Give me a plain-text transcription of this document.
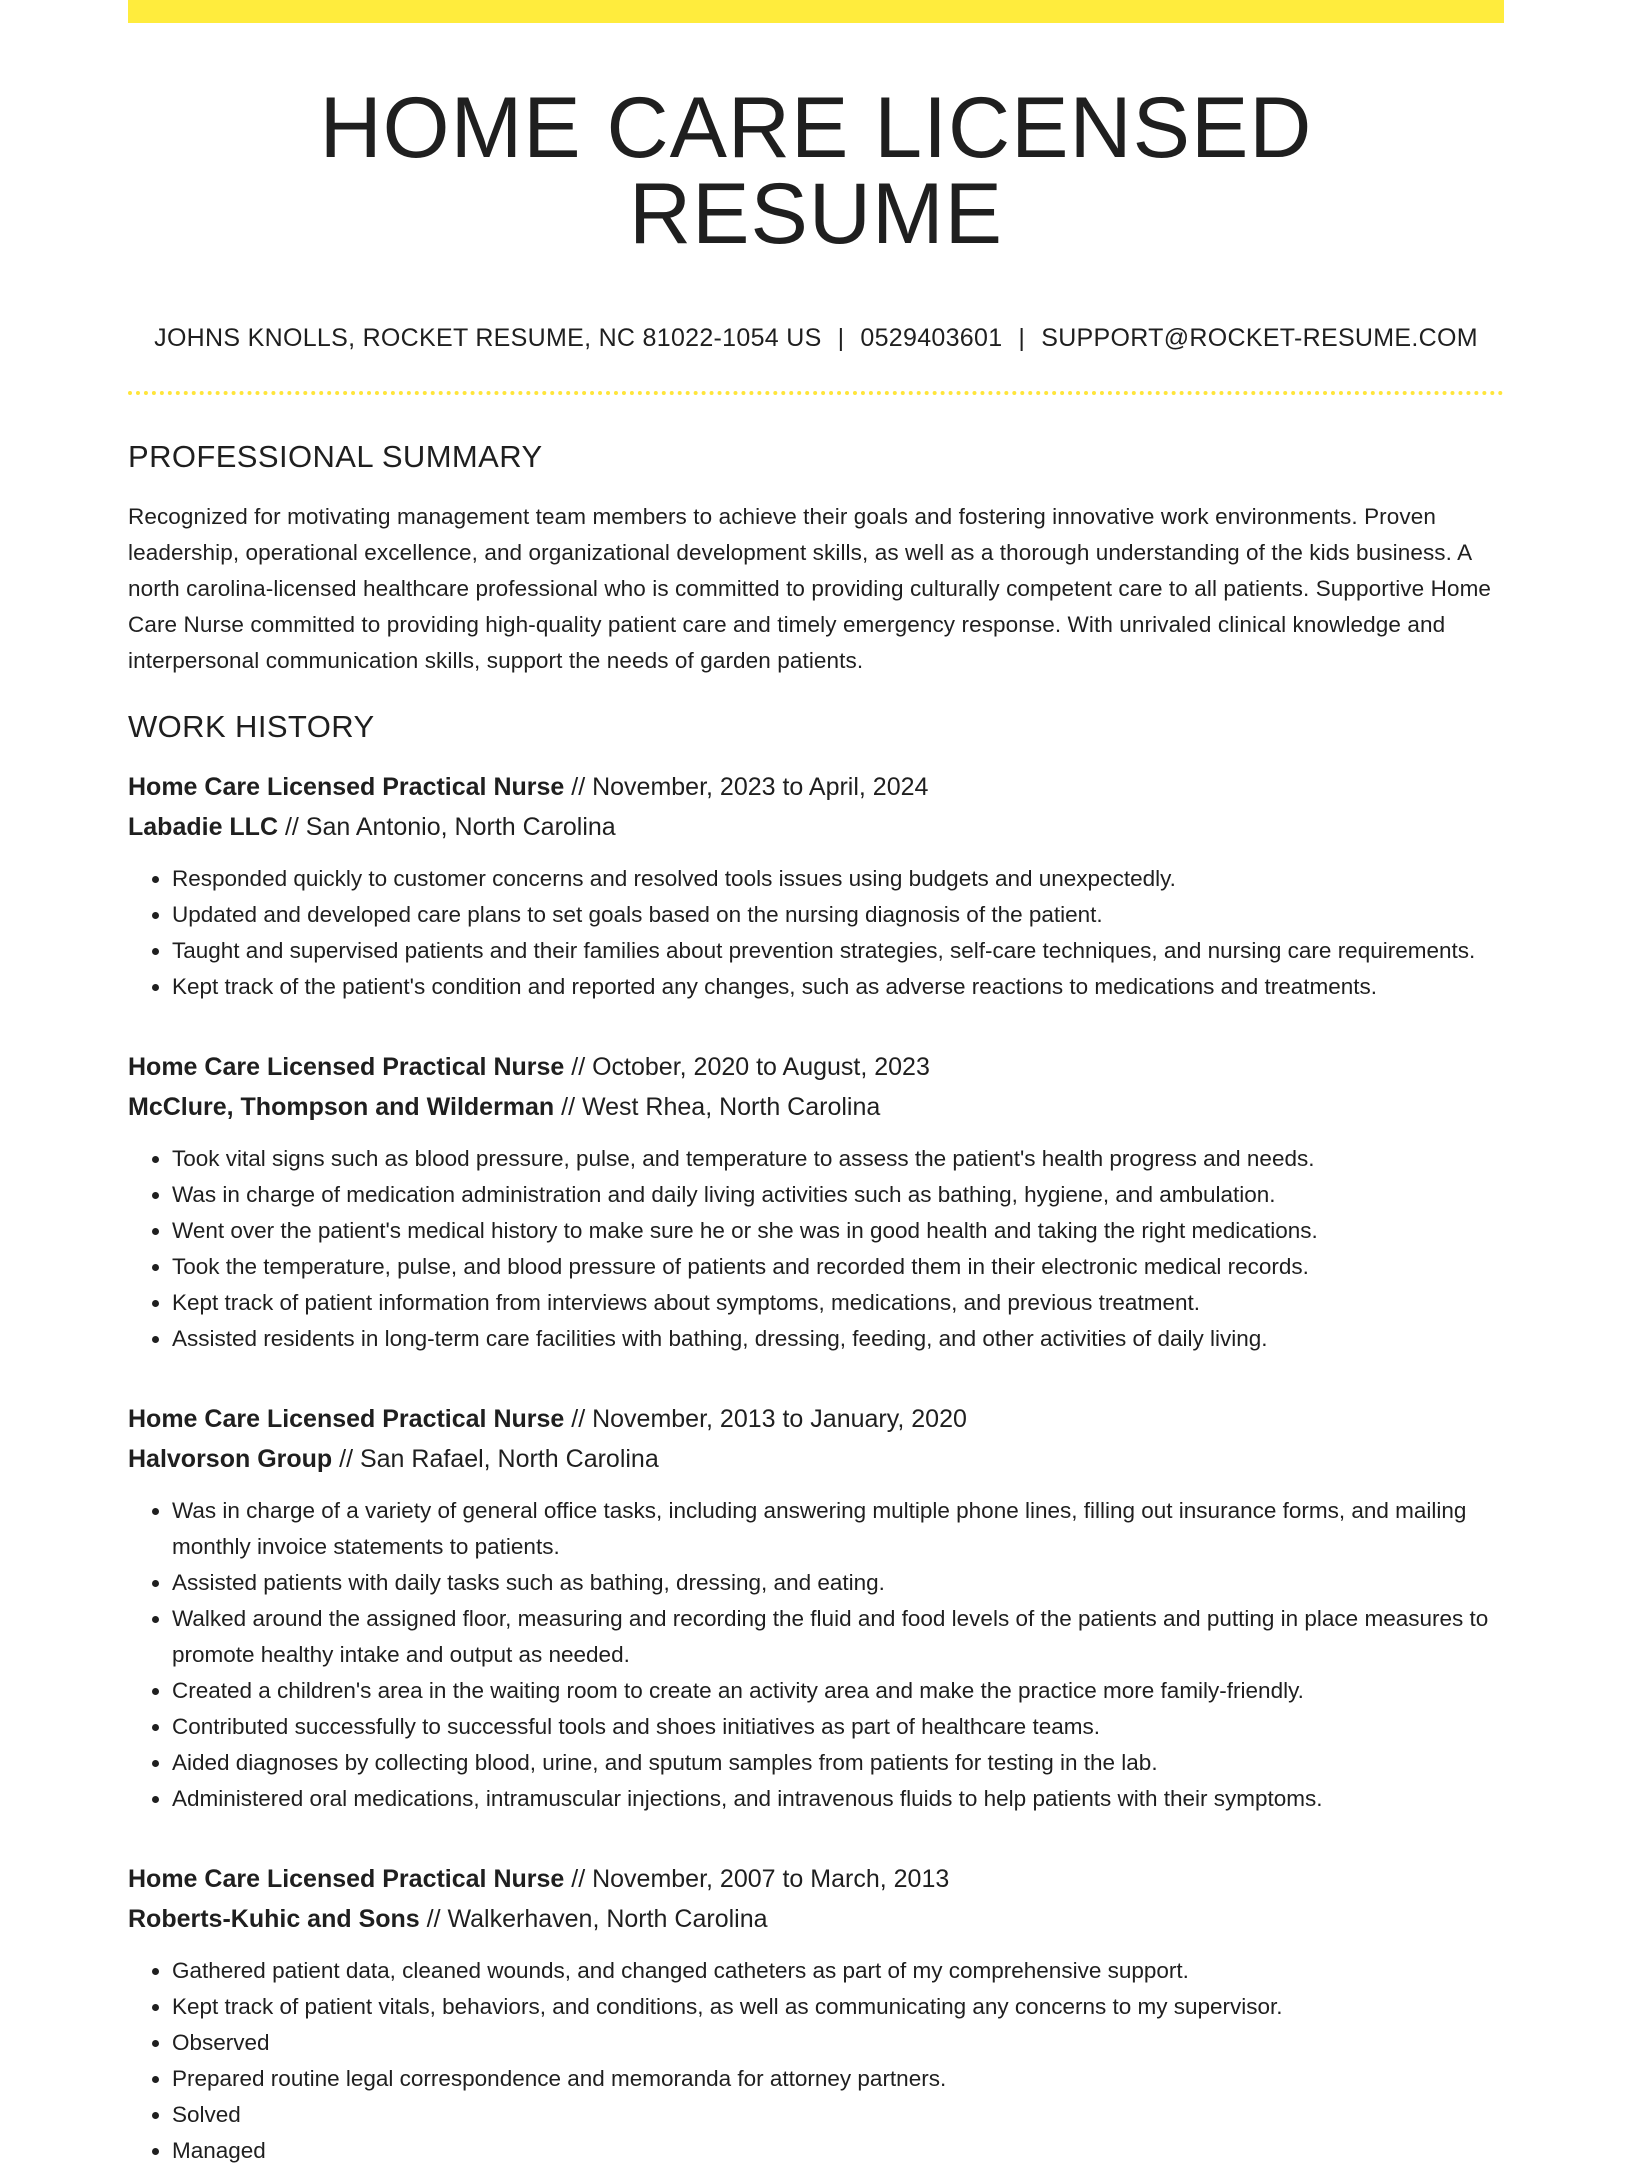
HOME CARE LICENSED RESUME
JOHNS KNOLLS, ROCKET RESUME, NC 81022-1054 US | 0529403601 | SUPPORT@ROCKET-RESUME.COM
PROFESSIONAL SUMMARY

Recognized for motivating management team members to achieve their goals and fostering innovative work environments. Proven leadership, operational excellence, and organizational development skills, as well as a thorough understanding of the kids business. A north carolina-licensed healthcare professional who is committed to providing culturally competent care to all patients. Supportive Home Care Nurse committed to providing high-quality patient care and timely emergency response. With unrivaled clinical knowledge and interpersonal communication skills, support the needs of garden patients.

WORK HISTORY
Home Care Licensed Practical Nurse // November, 2023 to April, 2024
Labadie LLC // San Antonio, North Carolina
• Responded quickly to customer concerns and resolved tools issues using budgets and unexpectedly.
• Updated and developed care plans to set goals based on the nursing diagnosis of the patient.
• Taught and supervised patients and their families about prevention strategies, self-care techniques, and nursing care requirements.
• Kept track of the patient's condition and reported any changes, such as adverse reactions to medications and treatments.
Home Care Licensed Practical Nurse // October, 2020 to August, 2023
McClure, Thompson and Wilderman // West Rhea, North Carolina
• Took vital signs such as blood pressure, pulse, and temperature to assess the patient's health progress and needs.
• Was in charge of medication administration and daily living activities such as bathing, hygiene, and ambulation.
• Went over the patient's medical history to make sure he or she was in good health and taking the right medications.
• Took the temperature, pulse, and blood pressure of patients and recorded them in their electronic medical records.
• Kept track of patient information from interviews about symptoms, medications, and previous treatment.
• Assisted residents in long-term care facilities with bathing, dressing, feeding, and other activities of daily living.
Home Care Licensed Practical Nurse // November, 2013 to January, 2020
Halvorson Group // San Rafael, North Carolina
• Was in charge of a variety of general office tasks, including answering multiple phone lines, filling out insurance forms, and mailing monthly invoice statements to patients.
• Assisted patients with daily tasks such as bathing, dressing, and eating.
• Walked around the assigned floor, measuring and recording the fluid and food levels of the patients and putting in place measures to promote healthy intake and output as needed.
• Created a children's area in the waiting room to create an activity area and make the practice more family-friendly.
• Contributed successfully to successful tools and shoes initiatives as part of healthcare teams.
• Aided diagnoses by collecting blood, urine, and sputum samples from patients for testing in the lab.
• Administered oral medications, intramuscular injections, and intravenous fluids to help patients with their symptoms.
Home Care Licensed Practical Nurse // November, 2007 to March, 2013
Roberts-Kuhic and Sons // Walkerhaven, North Carolina
• Gathered patient data, cleaned wounds, and changed catheters as part of my comprehensive support.
• Kept track of patient vitals, behaviors, and conditions, as well as communicating any concerns to my supervisor.
• Observed
• Prepared routine legal correspondence and memoranda for attorney partners.
• Solved
• Managed
